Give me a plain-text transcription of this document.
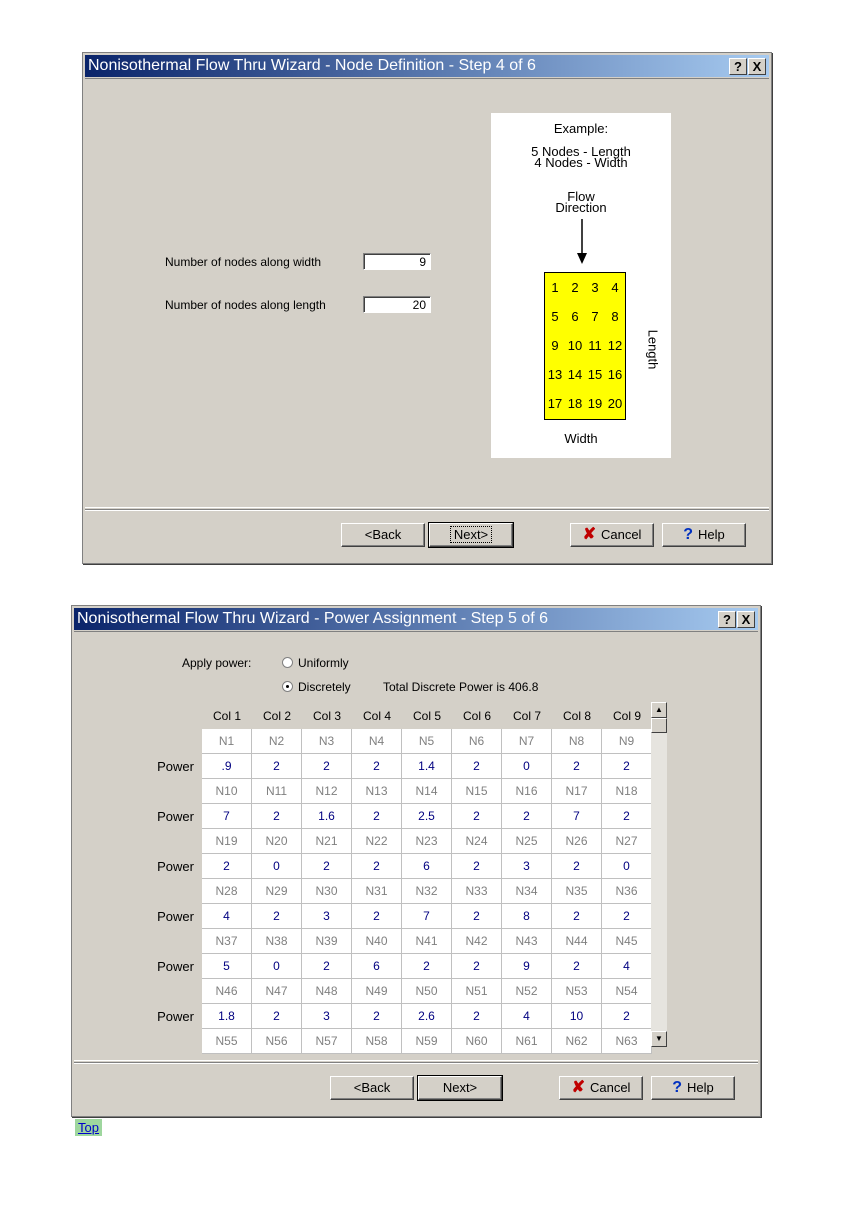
Nonisothermal Flow Thru Wizard - Node Definition - Step 4 of 6	? X
Number of nodes along width	9
Number of nodes along length	20
Example:
5 Nodes - Length
4 Nodes - Width
Flow
Direction
1 2 3 4
5 6 7 8
9 10 11 12
13 14 15 16
17 18 19 20
Length
Width
<Back	Next>	✘ Cancel	? Help
Nonisothermal Flow Thru Wizard - Power Assignment - Step 5 of 6	? X
Apply power:	Uniformly
Discretely	Total Discrete Power is 406.8
Col 1	Col 2	Col 3	Col 4	Col 5	Col 6	Col 7	Col 8	Col 9
N1	N2	N3	N4	N5	N6	N7	N8	N9
Power	.9	2	2	2	1.4	2	0	2	2
N10	N11	N12	N13	N14	N15	N16	N17	N18
Power	7	2	1.6	2	2.5	2	2	7	2
N19	N20	N21	N22	N23	N24	N25	N26	N27
Power	2	0	2	2	6	2	3	2	0
N28	N29	N30	N31	N32	N33	N34	N35	N36
Power	4	2	3	2	7	2	8	2	2
N37	N38	N39	N40	N41	N42	N43	N44	N45
Power	5	0	2	6	2	2	9	2	4
N46	N47	N48	N49	N50	N51	N52	N53	N54
Power	1.8	2	3	2	2.6	2	4	10	2
N55	N56	N57	N58	N59	N60	N61	N62	N63
▲
▼
<Back	Next>	✘ Cancel	? Help
Top
